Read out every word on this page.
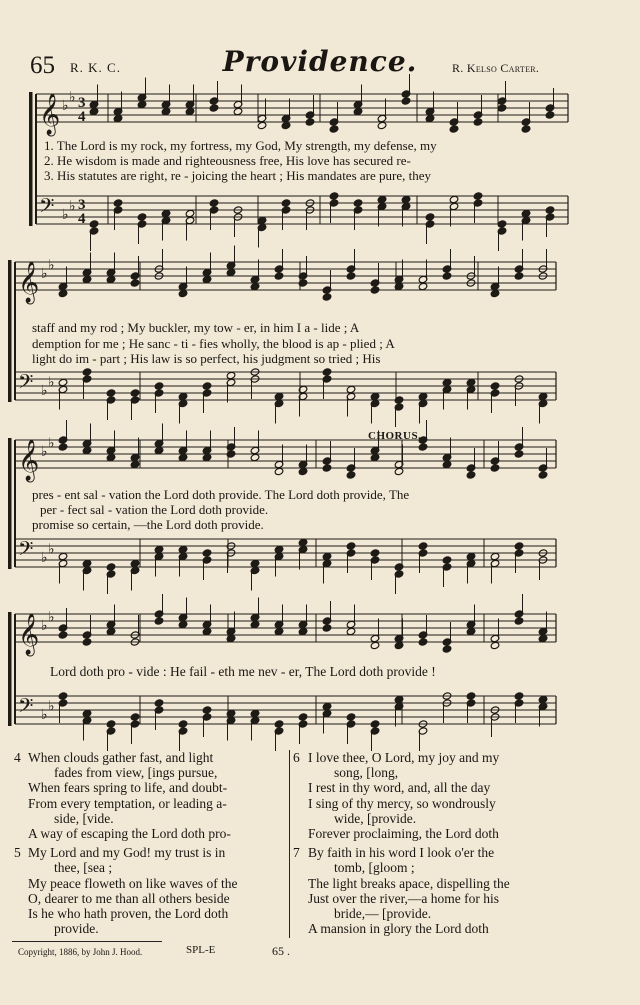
65 R. K. C.	Providence.	R. Kelso Carter.
𝄞 ♭
♭ 3
4
𝄢 ♭
♭ 3
4
𝄞 ♭
♭
𝄢 ♭
♭
𝄞 ♭
♭
𝄢 ♭
♭
𝄞 ♭
♭
𝄢 ♭
♭
1. The Lord is my rock, my fortress, my God, My strength, my defense, my
2. He wisdom is made and righteousness free, His love has secured re-
3. His statutes are right, re - joicing the heart ; His mandates are pure, they
staff and my rod ; My buckler, my tow - er, in him I a - lide ; A
demption for me ; He sanc - ti - fies wholly, the blood is ap - plied ; A
light do im - part ; His law is so perfect, his judgment so tried ; His
CHORUS.
pres - ent sal - vation the Lord doth provide. The Lord doth provide, The
per - fect sal - vation the Lord doth provide.
promise so certain, —the Lord doth provide.
Lord doth pro - vide : He fail - eth me nev - er, The Lord doth provide !
4 When clouds gather fast, and light
fades from view, [ings pursue,
When fears spring to life, and doubt-
From every temptation, or leading a-
side, [vide.
A way of escaping the Lord doth pro-
5 My Lord and my God! my trust is in
thee, [sea ;
My peace floweth on like waves of the
O, dearer to me than all others beside
Is he who hath proven, the Lord doth
provide.
6 I love thee, O Lord, my joy and my
song, [long,
I rest in thy word, and, all the day
I sing of thy mercy, so wondrously
wide, [provide.
Forever proclaiming, the Lord doth
7 By faith in his word I look o'er the
tomb, [gloom ;
The light breaks apace, dispelling the
Just over the river,—a home for his
bride,— [provide.
A mansion in glory the Lord doth
Copyright, 1886, by John J. Hood.	SPL-E	65 .
